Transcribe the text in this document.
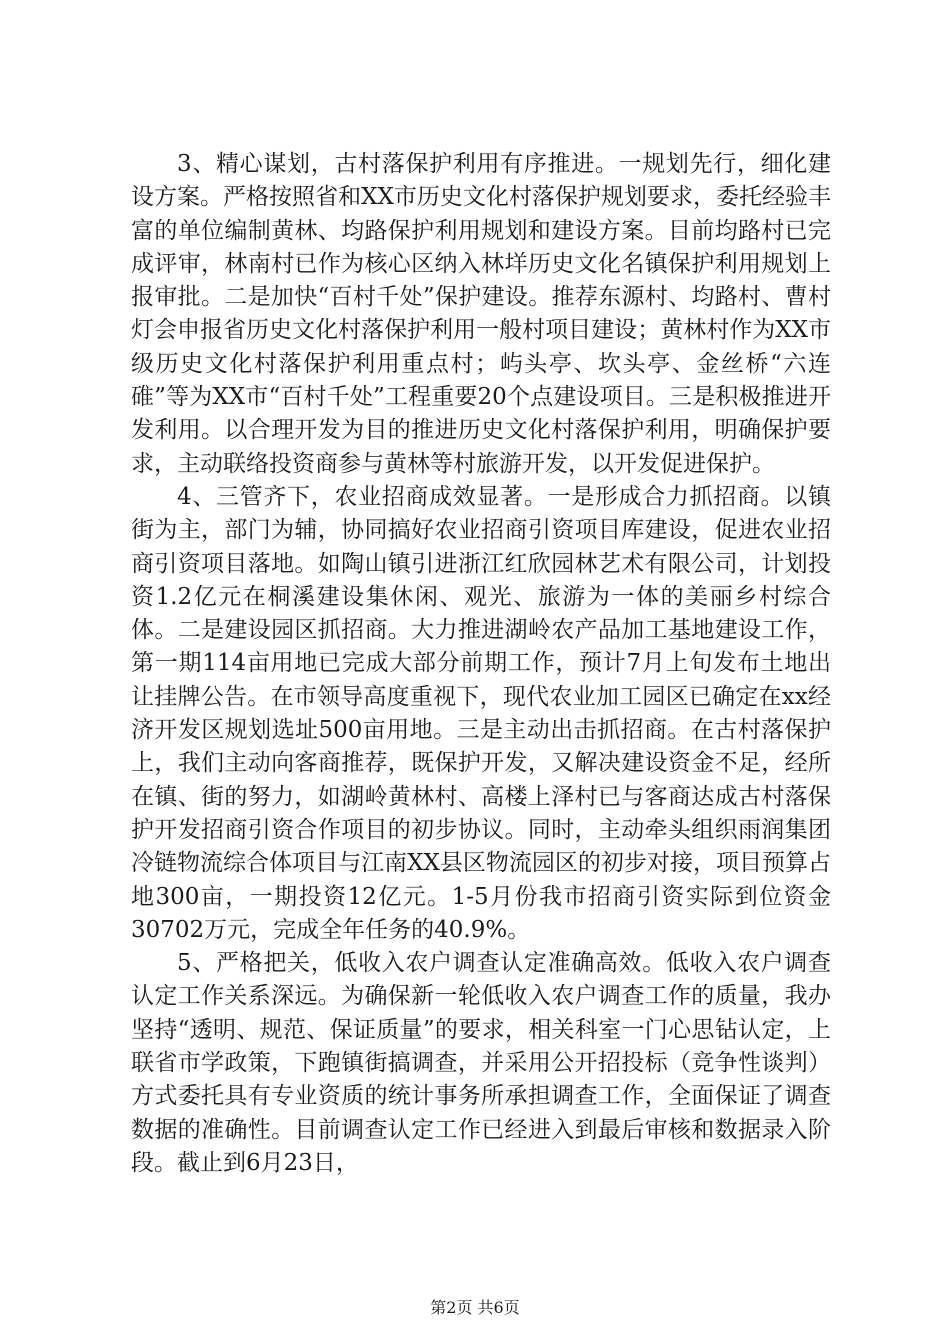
3、精心谋划，古村落保护利用有序推进。一规划先行，细化建设方案。严格按照省和XX市历史文化村落保护规划要求，委托经验丰富的单位编制黄林、均路保护利用规划和建设方案。目前均路村已完成评审，林南村已作为核心区纳入林垟历史文化名镇保护利用规划上报审批。二是加快“百村千处”保护建设。推荐东源村、均路村、曹村灯会申报省历史文化村落保护利用一般村项目建设；黄林村作为XX市级历史文化村落保护利用重点村；屿头亭、坎头亭、金丝桥“六连碓”等为XX市“百村千处”工程重要20个点建设项目。三是积极推进开发利用。以合理开发为目的推进历史文化村落保护利用，明确保护要求，主动联络投资商参与黄林等村旅游开发，以开发促进保护。

4、三管齐下，农业招商成效显著。一是形成合力抓招商。以镇街为主，部门为辅，协同搞好农业招商引资项目库建设，促进农业招商引资项目落地。如陶山镇引进浙江红欣园林艺术有限公司，计划投资1.2亿元在桐溪建设集休闲、观光、旅游为一体的美丽乡村综合体。二是建设园区抓招商。大力推进湖岭农产品加工基地建设工作，第一期114亩用地已完成大部分前期工作，预计7月上旬发布土地出让挂牌公告。在市领导高度重视下，现代农业加工园区已确定在xx经济开发区规划选址500亩用地。三是主动出击抓招商。在古村落保护上，我们主动向客商推荐，既保护开发，又解决建设资金不足，经所在镇、街的努力，如湖岭黄林村、高楼上泽村已与客商达成古村落保护开发招商引资合作项目的初步协议。同时，主动牵头组织雨润集团冷链物流综合体项目与江南XX县区物流园区的初步对接，项目预算占地300亩，一期投资12亿元。1-5月份我市招商引资实际到位资金30702万元，完成全年任务的40.9%。

5、严格把关，低收入农户调查认定准确高效。低收入农户调查认定工作关系深远。为确保新一轮低收入农户调查工作的质量，我办坚持“透明、规范、保证质量”的要求，相关科室一门心思钻认定，上联省市学政策，下跑镇街搞调查，并采用公开招投标（竞争性谈判）方式委托具有专业资质的统计事务所承担调查工作，全面保证了调查数据的准确性。目前调查认定工作已经进入到最后审核和数据录入阶段。截止到6月23日，

第2页 共6页
